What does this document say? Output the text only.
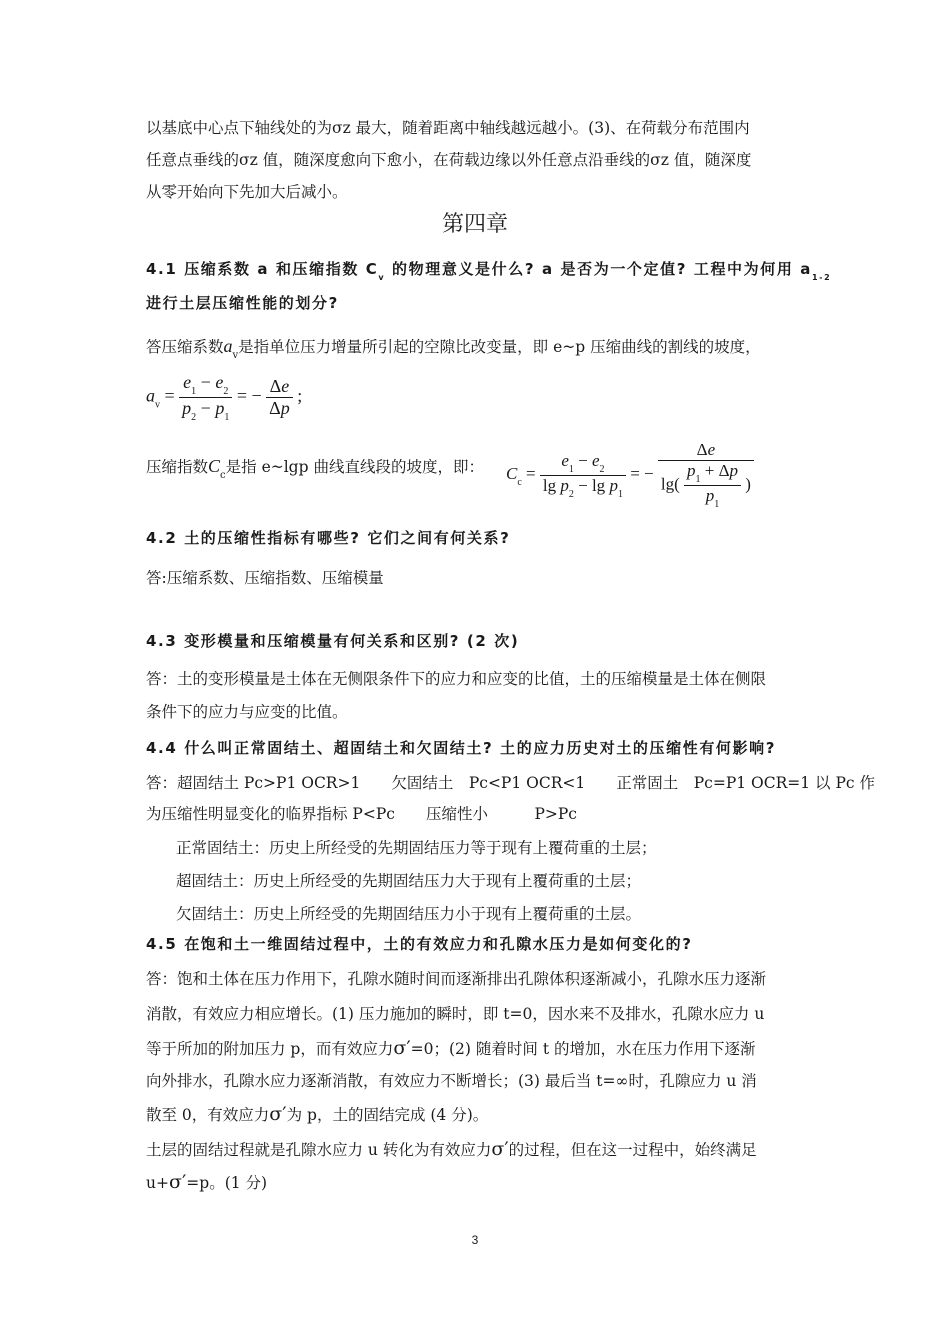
以基底中心点下轴线处的为σz 最大，随着距离中轴线越远越小。(3)、在荷载分布范围内
任意点垂线的σz 值，随深度愈向下愈小，在荷载边缘以外任意点沿垂线的σz 值，随深度
从零开始向下先加大后减小。
第四章
4.1 压缩系数 a 和压缩指数 $C_v$ 的物理意义是什么? a 是否为一个定值? 工程中为何用 $a_{1-2}$
进行土层压缩性能的划分?
答压缩系数$a_v$是指单位压力增量所引起的空隙比改变量，即 e~p 压缩曲线的割线的坡度，
$a_v = \frac{e_1 - e_2}{p_2 - p_1}$ = − $\frac{\Delta e}{\Delta p}$ ;
压缩指数$C_c$是指 e~lgp 曲线直线段的坡度，即：	$C_c = \frac{e_1 - e_2}{\lg p_2 - \lg p_1}$ = − $\frac{\Delta e}{\lg( \frac{p_1 + \Delta p}{p_1} )}$
4.2 土的压缩性指标有哪些? 它们之间有何关系?
答:压缩系数、压缩指数、压缩模量
4.3 变形模量和压缩模量有何关系和区别? (2 次)
答：土的变形模量是土体在无侧限条件下的应力和应变的比值，土的压缩模量是土体在侧限
条件下的应力与应变的比值。
4.4 什么叫正常固结土、超固结土和欠固结土? 土的应力历史对土的压缩性有何影响?
答：超固结土 Pc>P1 OCR>1　　欠固结土　Pc<P1 OCR<1　　正常固土　Pc=P1 OCR=1 以 Pc 作
为压缩性明显变化的临界指标 P<Pc　　压缩性小　　　P>Pc
正常固结土：历史上所经受的先期固结压力等于现有上覆荷重的土层；
超固结土：历史上所经受的先期固结压力大于现有上覆荷重的土层；
欠固结土：历史上所经受的先期固结压力小于现有上覆荷重的土层。
4.5 在饱和土一维固结过程中，土的有效应力和孔隙水压力是如何变化的?
答：饱和土体在压力作用下，孔隙水随时间而逐渐排出孔隙体积逐渐减小，孔隙水压力逐渐
消散，有效应力相应增长。(1) 压力施加的瞬时，即 t=0，因水来不及排水，孔隙水应力 u
等于所加的附加压力 p，而有效应力σ′=0；(2) 随着时间 t 的增加，水在压力作用下逐渐
向外排水，孔隙水应力逐渐消散，有效应力不断增长；(3) 最后当 t=∞时，孔隙应力 u 消
散至 0，有效应力σ′为 p，土的固结完成 (4 分)。
土层的固结过程就是孔隙水应力 u 转化为有效应力σ′的过程，但在这一过程中，始终满足
u+σ′=p。(1 分)
3
